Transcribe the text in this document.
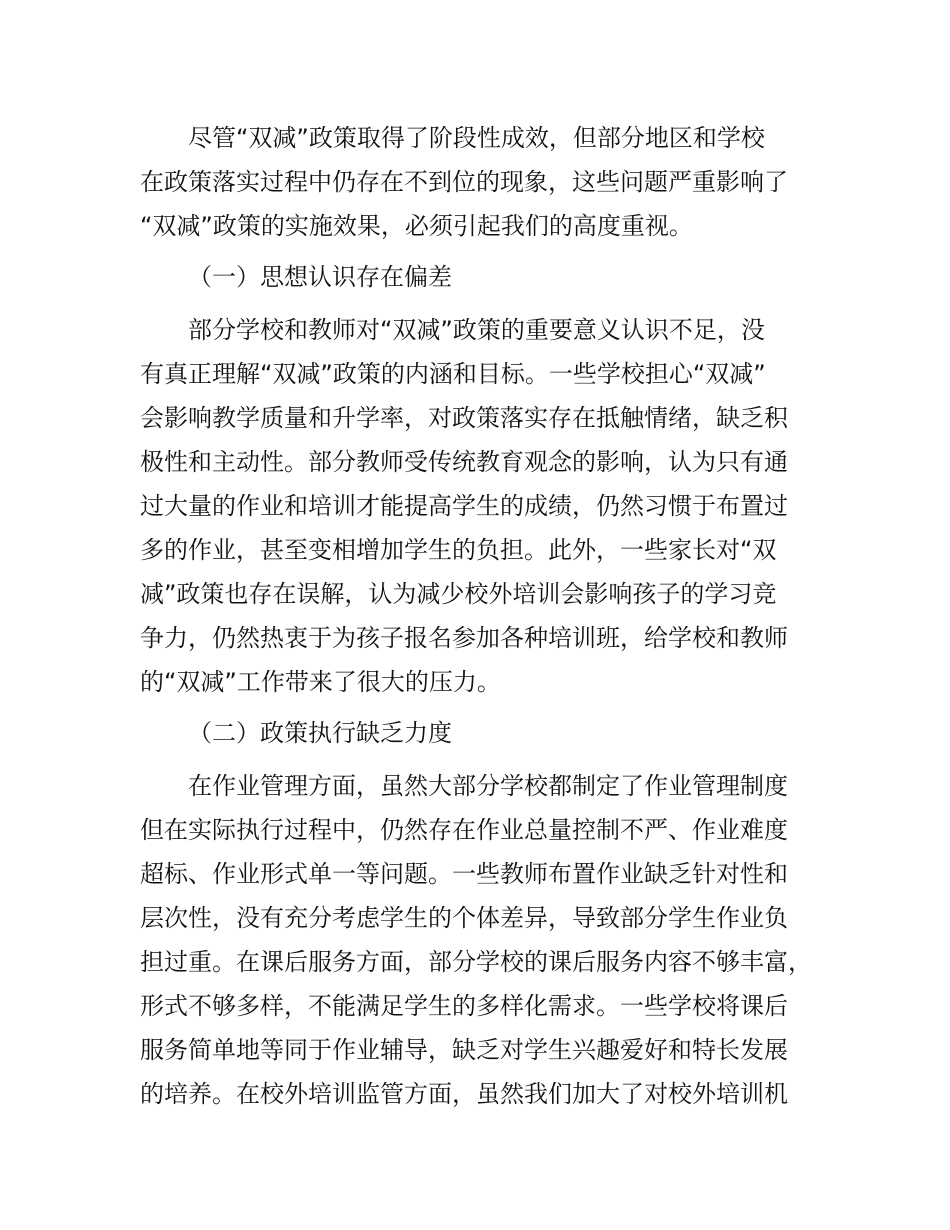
尽管“双减”政策取得了阶段性成效，但部分地区和学校
在政策落实过程中仍存在不到位的现象，这些问题严重影响了
“双减”政策的实施效果，必须引起我们的高度重视。
（一）思想认识存在偏差
部分学校和教师对“双减”政策的重要意义认识不足，没
有真正理解“双减”政策的内涵和目标。一些学校担心“双减”
会影响教学质量和升学率，对政策落实存在抵触情绪，缺乏积
极性和主动性。部分教师受传统教育观念的影响，认为只有通
过大量的作业和培训才能提高学生的成绩，仍然习惯于布置过
多的作业，甚至变相增加学生的负担。此外，一些家长对“双
减”政策也存在误解，认为减少校外培训会影响孩子的学习竞
争力，仍然热衷于为孩子报名参加各种培训班，给学校和教师
的“双减”工作带来了很大的压力。
（二）政策执行缺乏力度
在作业管理方面，虽然大部分学校都制定了作业管理制度
但在实际执行过程中，仍然存在作业总量控制不严、作业难度
超标、作业形式单一等问题。一些教师布置作业缺乏针对性和
层次性，没有充分考虑学生的个体差异，导致部分学生作业负
担过重。在课后服务方面，部分学校的课后服务内容不够丰富，
形式不够多样，不能满足学生的多样化需求。一些学校将课后
服务简单地等同于作业辅导，缺乏对学生兴趣爱好和特长发展
的培养。在校外培训监管方面，虽然我们加大了对校外培训机
